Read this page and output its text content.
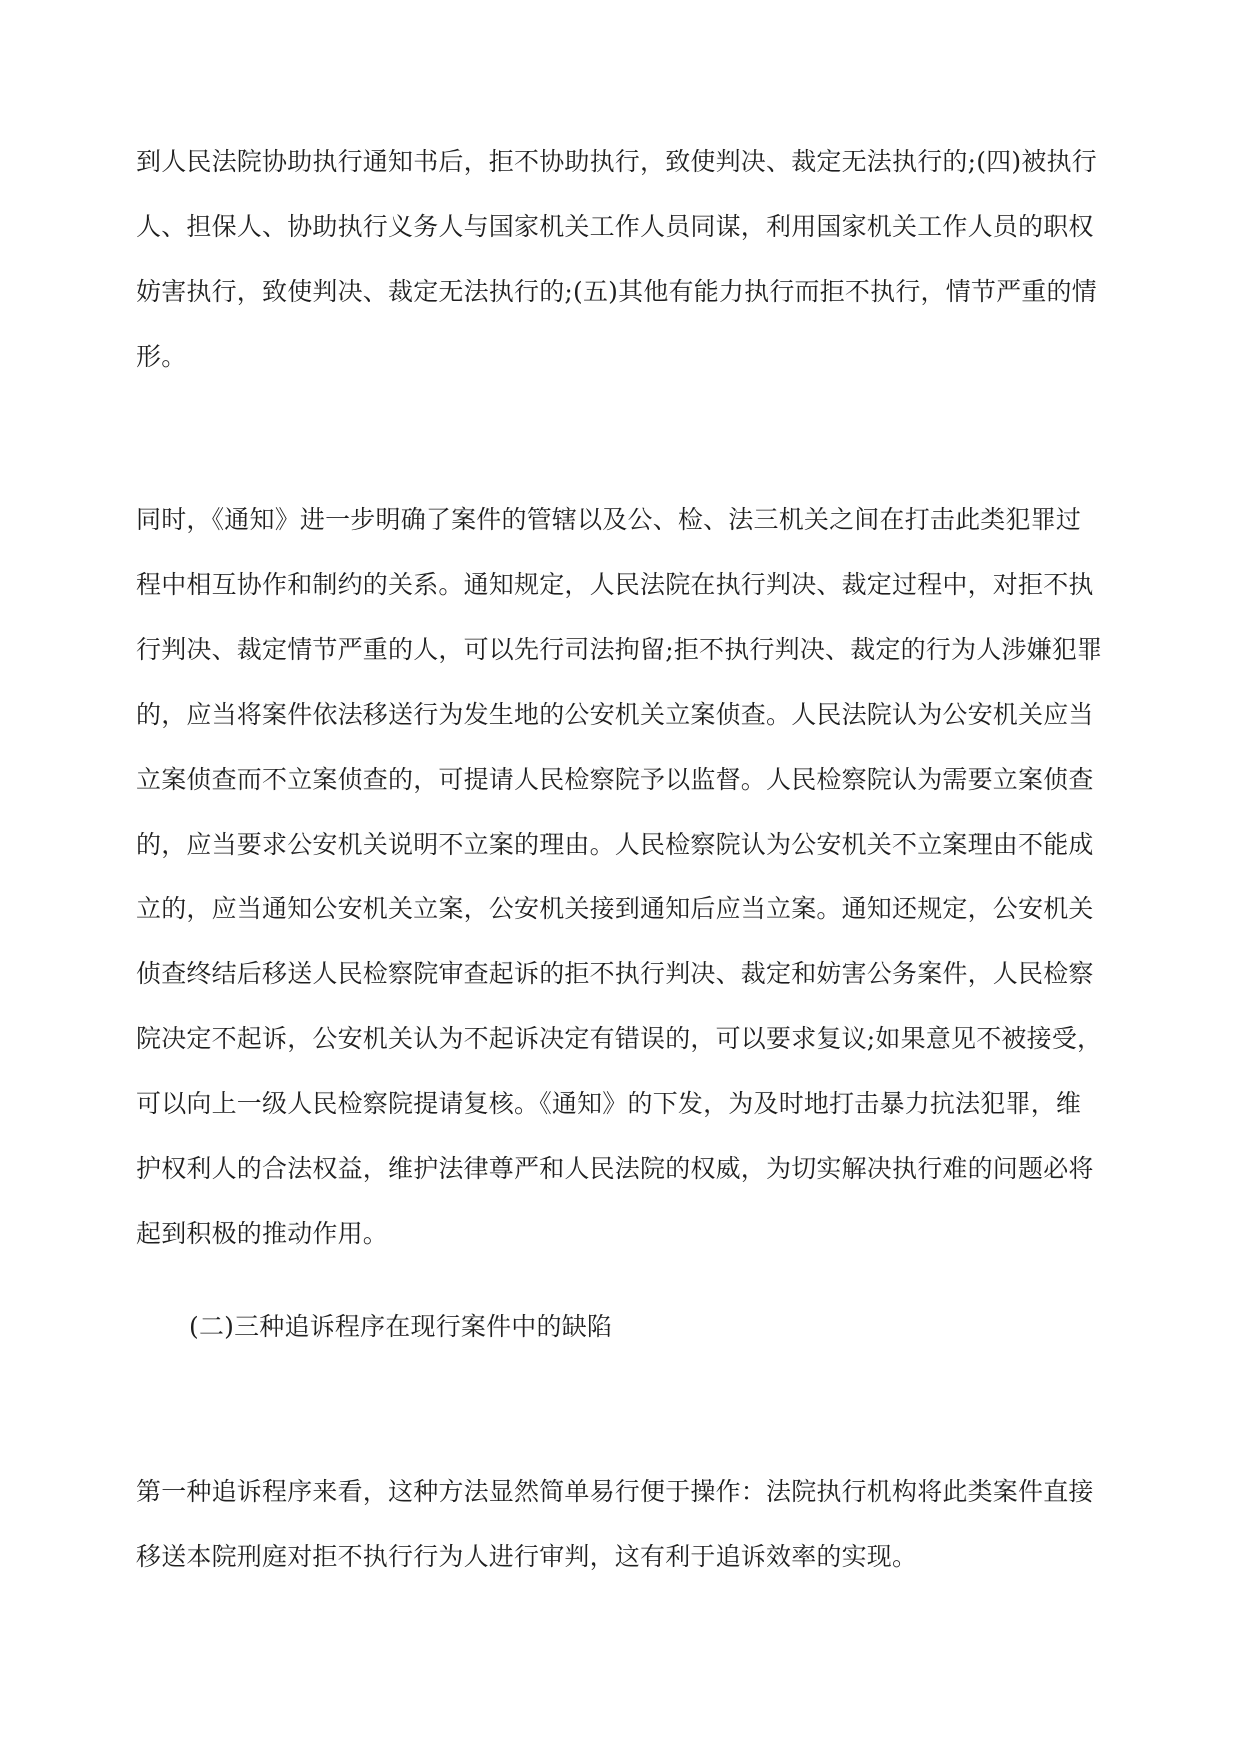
到人民法院协助执行通知书后，拒不协助执行，致使判决、裁定无法执行的;(四)被执行
人、担保人、协助执行义务人与国家机关工作人员同谋，利用国家机关工作人员的职权
妨害执行，致使判决、裁定无法执行的;(五)其他有能力执行而拒不执行，情节严重的情
形。
同时，《通知》进一步明确了案件的管辖以及公、检、法三机关之间在打击此类犯罪过
程中相互协作和制约的关系。通知规定，人民法院在执行判决、裁定过程中，对拒不执
行判决、裁定情节严重的人，可以先行司法拘留;拒不执行判决、裁定的行为人涉嫌犯罪
的，应当将案件依法移送行为发生地的公安机关立案侦查。人民法院认为公安机关应当
立案侦查而不立案侦查的，可提请人民检察院予以监督。人民检察院认为需要立案侦查
的，应当要求公安机关说明不立案的理由。人民检察院认为公安机关不立案理由不能成
立的，应当通知公安机关立案，公安机关接到通知后应当立案。通知还规定，公安机关
侦查终结后移送人民检察院审查起诉的拒不执行判决、裁定和妨害公务案件，人民检察
院决定不起诉，公安机关认为不起诉决定有错误的，可以要求复议;如果意见不被接受，
可以向上一级人民检察院提请复核。《通知》的下发，为及时地打击暴力抗法犯罪，维
护权利人的合法权益，维护法律尊严和人民法院的权威，为切实解决执行难的问题必将
起到积极的推动作用。
(二)三种追诉程序在现行案件中的缺陷
第一种追诉程序来看，这种方法显然简单易行便于操作：法院执行机构将此类案件直接
移送本院刑庭对拒不执行行为人进行审判，这有利于追诉效率的实现。
